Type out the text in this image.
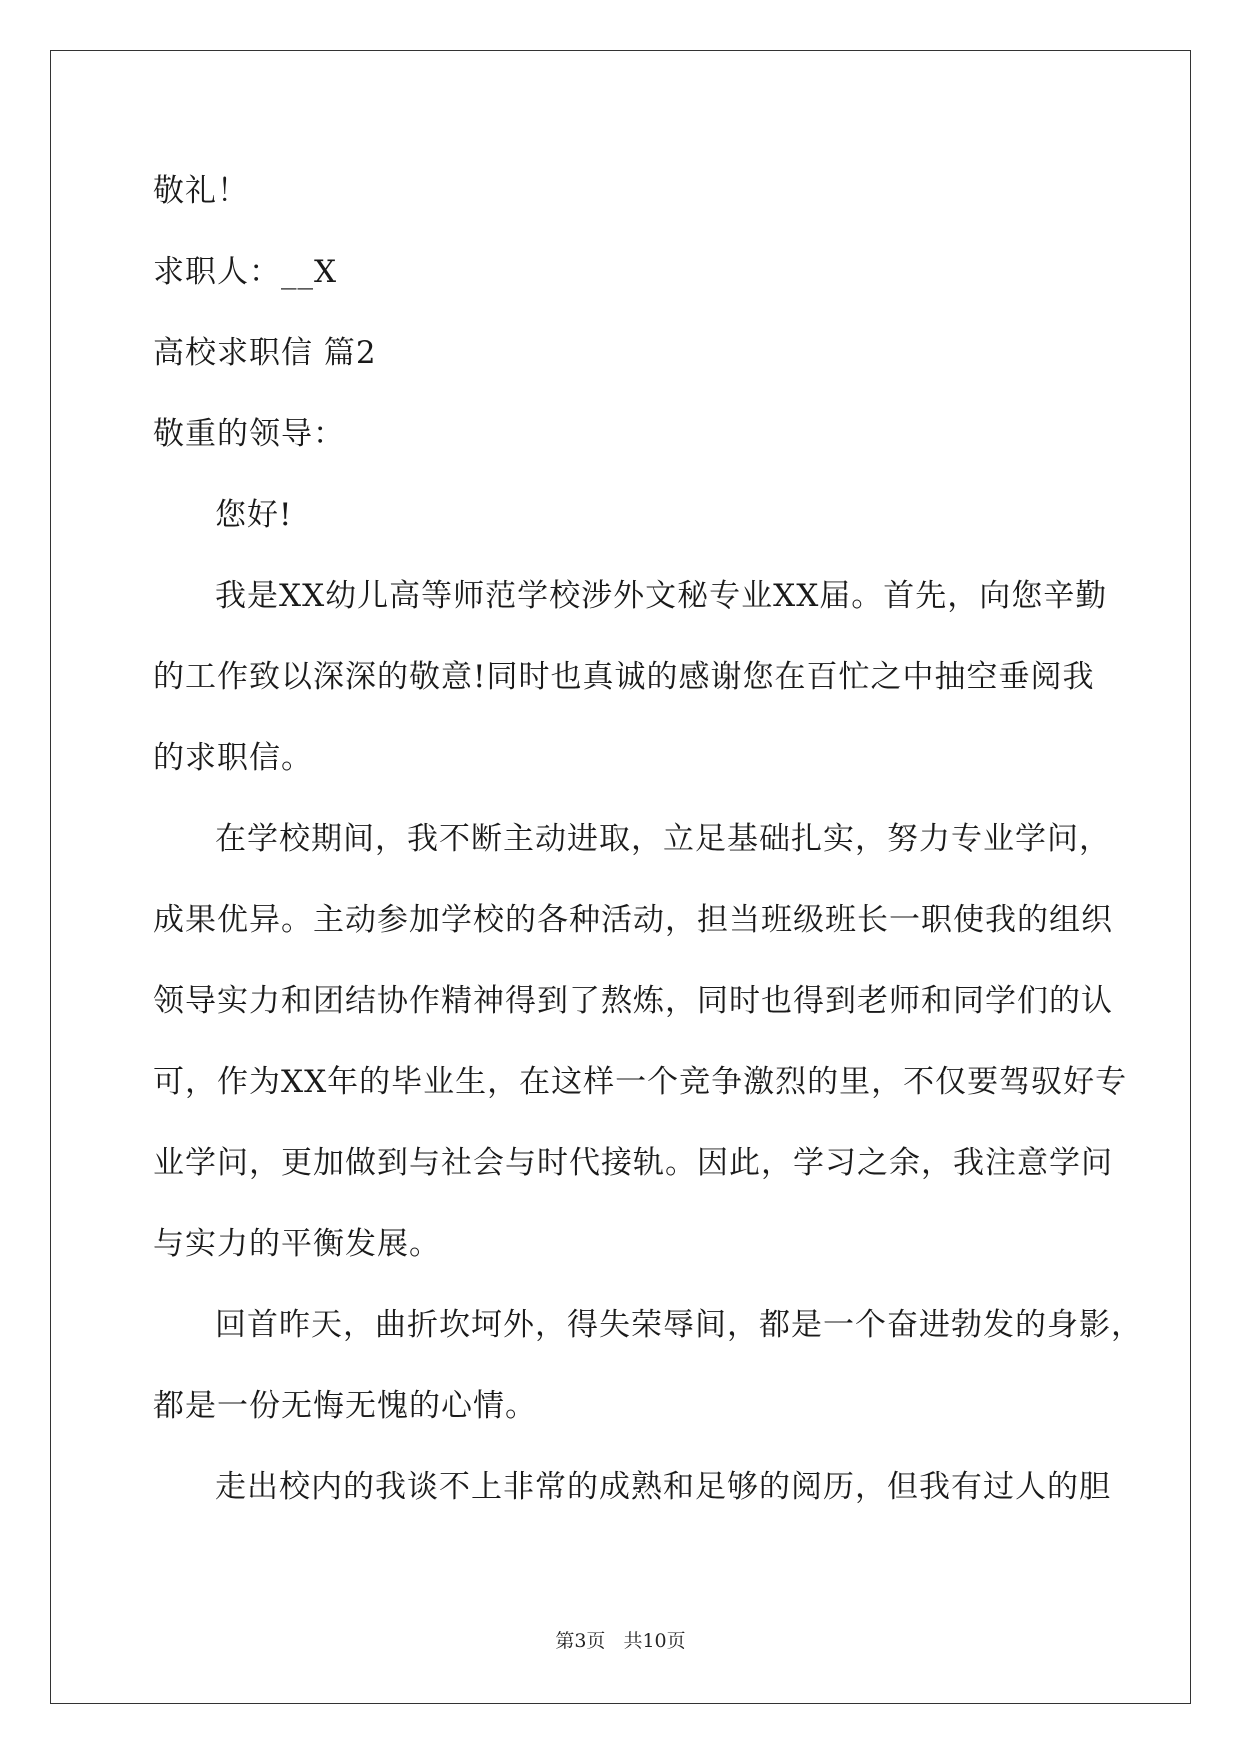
敬礼！
求职人：__X
高校求职信 篇2
敬重的领导：
您好!
我是XX幼儿高等师范学校涉外文秘专业XX届。首先，向您辛勤
的工作致以深深的敬意!同时也真诚的感谢您在百忙之中抽空垂阅我
的求职信。
在学校期间，我不断主动进取，立足基础扎实，努力专业学问，
成果优异。主动参加学校的各种活动，担当班级班长一职使我的组织
领导实力和团结协作精神得到了熬炼，同时也得到老师和同学们的认
可，作为XX年的毕业生，在这样一个竞争激烈的里，不仅要驾驭好专
业学问，更加做到与社会与时代接轨。因此，学习之余，我注意学问
与实力的平衡发展。
回首昨天，曲折坎坷外，得失荣辱间，都是一个奋进勃发的身影，
都是一份无悔无愧的心情。
走出校内的我谈不上非常的成熟和足够的阅历，但我有过人的胆
第3页 共10页
